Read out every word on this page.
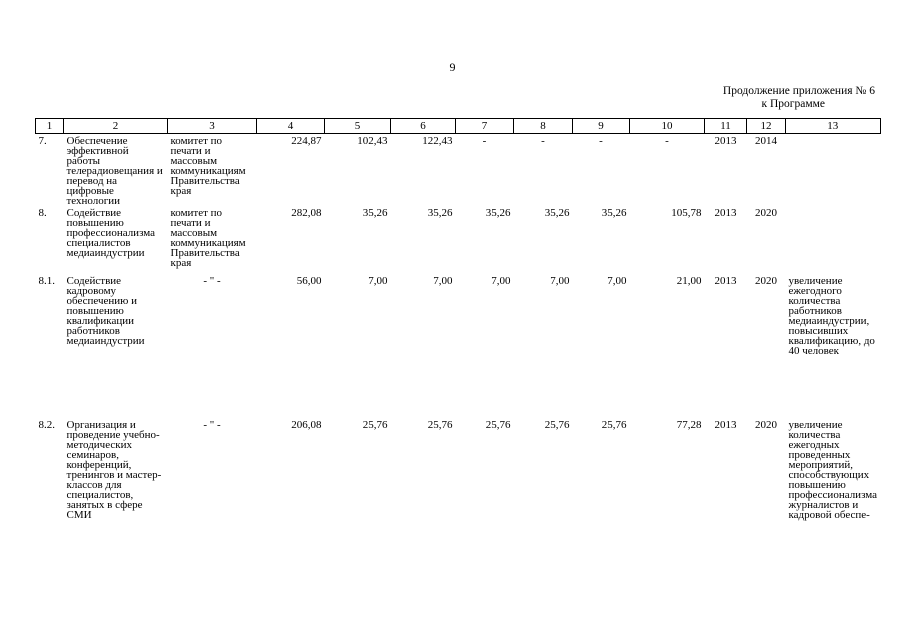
9
Продолжение приложения № 6
к Программе
1	2	3	4	5	6	7	8	9	10	11	12	13
7.	Обеспечение эффективной работы телерадиовещания и перевод на цифровые технологии	комитет по печати и массовым коммуникациям Правительства края	224,87	102,43	122,43	-	-	-	-	2013	2014	
8.	Содействие повышению профессионализма специалистов медиаиндустрии	комитет по печати и массовым коммуникациям Правительства края	282,08	35,26	35,26	35,26	35,26	35,26	105,78	2013	2020	
8.1.	Содействие кадровому обеспечению и повышению квалификации работников медиаиндустрии	- " -	56,00	7,00	7,00	7,00	7,00	7,00	21,00	2013	2020	увеличение ежегодного количества работников медиаиндустрии, повысивших квалификацию, до 40 человек
8.2.	Организация и проведение учебно-методических семинаров, конференций, тренингов и мастер-классов для специалистов, занятых в сфере СМИ	- " -	206,08	25,76	25,76	25,76	25,76	25,76	77,28	2013	2020	увеличение количества ежегодных проведенных мероприятий, способствующих повышению профессионализма журналистов и кадровой обеспе-
